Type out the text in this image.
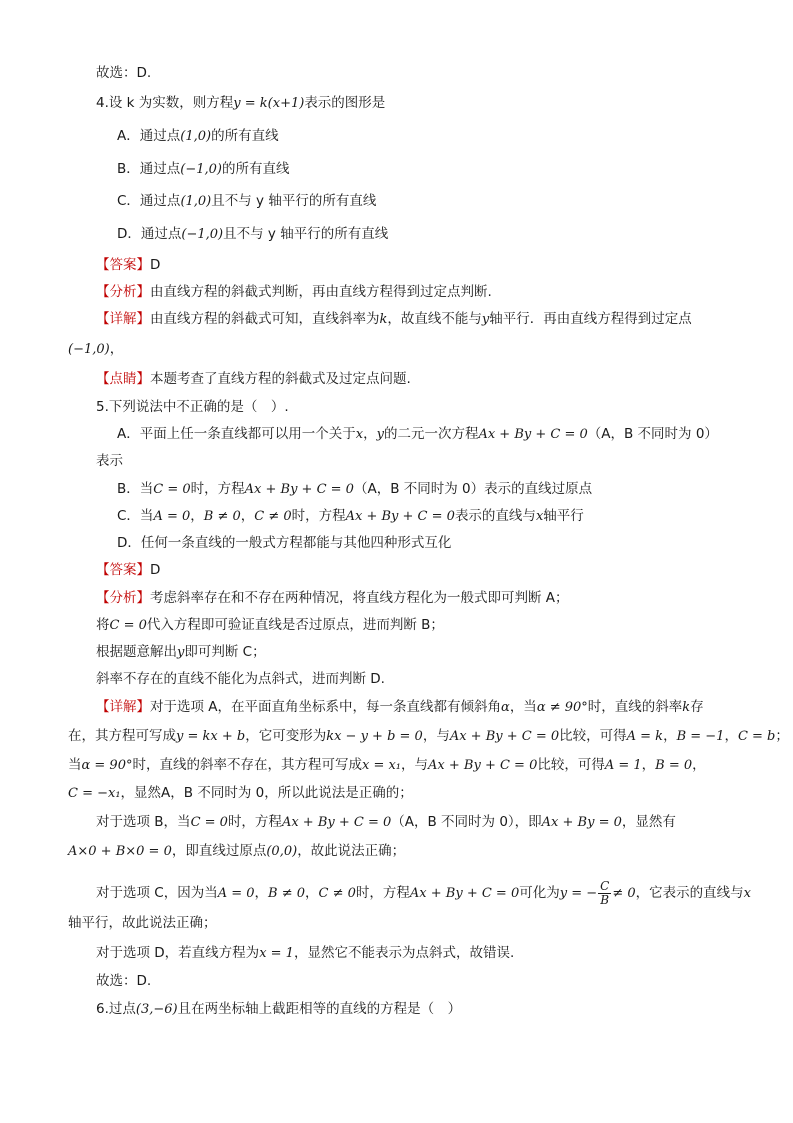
故选：D.
4.设 k 为实数，则方程y = k(x+1)表示的图形是
A．通过点(1,0)的所有直线
B．通过点(−1,0)的所有直线
C．通过点(1,0)且不与 y 轴平行的所有直线
D．通过点(−1,0)且不与 y 轴平行的所有直线
【答案】D
【分析】由直线方程的斜截式判断，再由直线方程得到过定点判断.
【详解】由直线方程的斜截式可知，直线斜率为k，故直线不能与y轴平行．再由直线方程得到过定点
(−1,0)，
【点睛】本题考查了直线方程的斜截式及过定点问题.
5.下列说法中不正确的是（　）.
A．平面上任一条直线都可以用一个关于x，y的二元一次方程Ax + By + C = 0（A，B 不同时为 0）
表示
B．当C = 0时，方程Ax + By + C = 0（A，B 不同时为 0）表示的直线过原点
C．当A = 0，B ≠ 0，C ≠ 0时，方程Ax + By + C = 0表示的直线与x轴平行
D．任何一条直线的一般式方程都能与其他四种形式互化
【答案】D
【分析】考虑斜率存在和不存在两种情况，将直线方程化为一般式即可判断 A；
将C = 0代入方程即可验证直线是否过原点，进而判断 B；
根据题意解出y即可判断 C；
斜率不存在的直线不能化为点斜式，进而判断 D.
【详解】对于选项 A，在平面直角坐标系中，每一条直线都有倾斜角α，当α ≠ 90°时，直线的斜率k存
在，其方程可写成y = kx + b，它可变形为kx − y + b = 0，与Ax + By + C = 0比较，可得A = k，B = −1，C = b；
当α = 90°时，直线的斜率不存在，其方程可写成x = x₁，与Ax + By + C = 0比较，可得A = 1，B = 0，
C = −x₁，显然A，B 不同时为 0，所以此说法是正确的；
对于选项 B，当C = 0时，方程Ax + By + C = 0（A，B 不同时为 0），即Ax + By = 0，显然有
A×0 + B×0 = 0，即直线过原点(0,0)，故此说法正确；
对于选项 C，因为当A = 0，B ≠ 0，C ≠ 0时，方程Ax + By + C = 0可化为y = − $\frac{C}{B} \ne 0$，它表示的直线与x
轴平行，故此说法正确；
对于选项 D，若直线方程为x = 1，显然它不能表示为点斜式，故错误.
故选：D.
6.过点(3,−6)且在两坐标轴上截距相等的直线的方程是（　）
